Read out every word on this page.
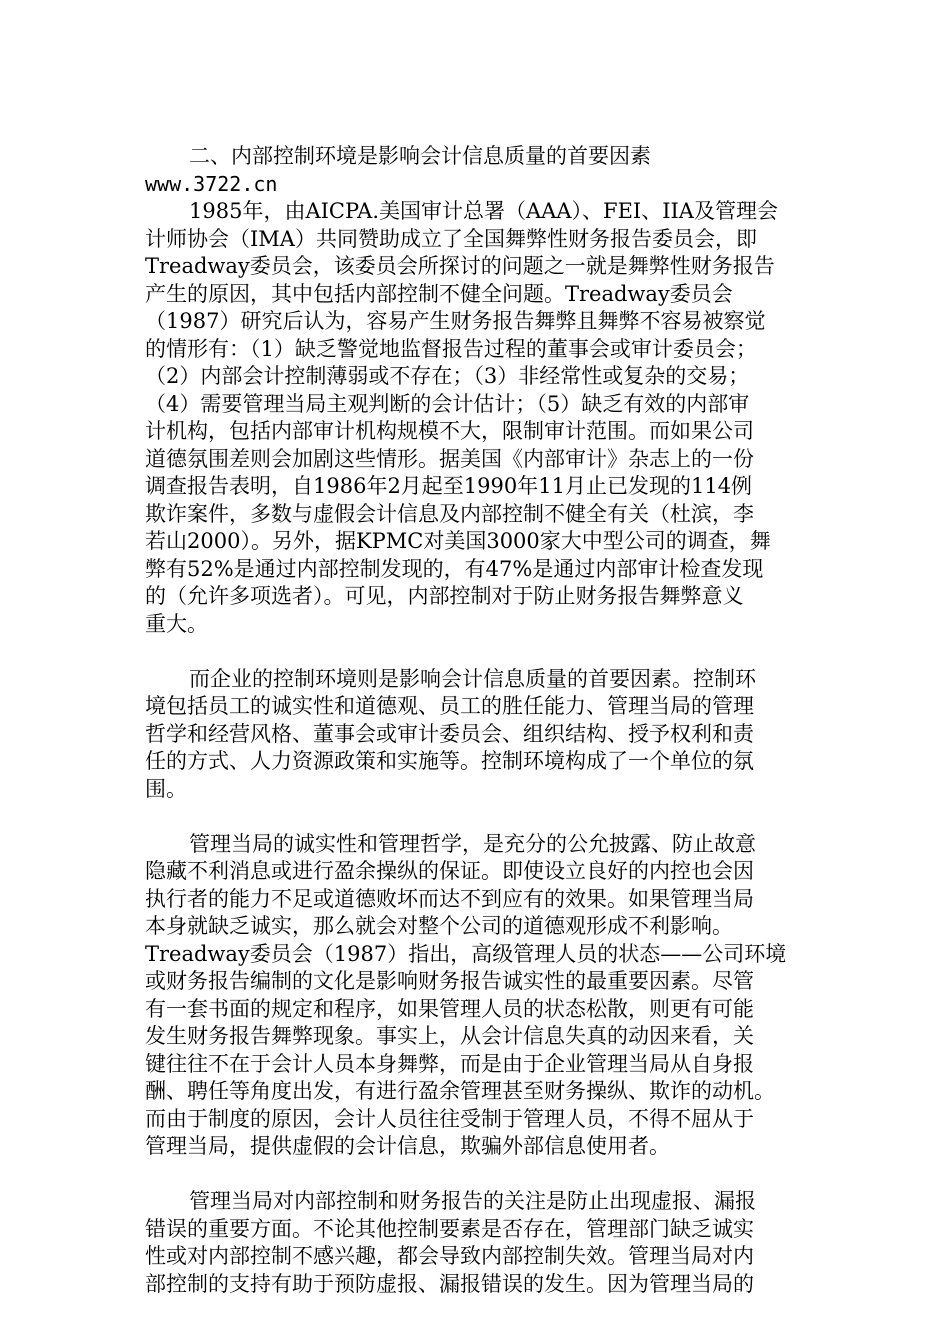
二、内部控制环境是影响会计信息质量的首要因素
www.3722.cn
1985年，由AICPA.美国审计总署（AAA）、FEI、IIA及管理会
计师协会（IMA）共同赞助成立了全国舞弊性财务报告委员会，即
Treadway委员会，该委员会所探讨的问题之一就是舞弊性财务报告
产生的原因，其中包括内部控制不健全问题。Treadway委员会
（1987）研究后认为，容易产生财务报告舞弊且舞弊不容易被察觉
的情形有：（1）缺乏警觉地监督报告过程的董事会或审计委员会；
（2）内部会计控制薄弱或不存在；（3）非经常性或复杂的交易；
（4）需要管理当局主观判断的会计估计；（5）缺乏有效的内部审
计机构，包括内部审计机构规模不大，限制审计范围。而如果公司
道德氛围差则会加剧这些情形。据美国《内部审计》杂志上的一份
调查报告表明，自1986年2月起至1990年11月止已发现的114例
欺诈案件，多数与虚假会计信息及内部控制不健全有关（杜滨，李
若山2000）。另外，据KPMC对美国3000家大中型公司的调查，舞
弊有52%是通过内部控制发现的，有47%是通过内部审计检查发现
的（允许多项选者）。可见，内部控制对于防止财务报告舞弊意义
重大。
而企业的控制环境则是影响会计信息质量的首要因素。控制环
境包括员工的诚实性和道德观、员工的胜任能力、管理当局的管理
哲学和经营风格、董事会或审计委员会、组织结构、授予权利和责
任的方式、人力资源政策和实施等。控制环境构成了一个单位的氛
围。
管理当局的诚实性和管理哲学，是充分的公允披露、防止故意
隐藏不利消息或进行盈余操纵的保证。即使设立良好的内控也会因
执行者的能力不足或道德败坏而达不到应有的效果。如果管理当局
本身就缺乏诚实，那么就会对整个公司的道德观形成不利影响。
Treadway委员会（1987）指出，高级管理人员的状态——公司环境
或财务报告编制的文化是影响财务报告诚实性的最重要因素。尽管
有一套书面的规定和程序，如果管理人员的状态松散，则更有可能
发生财务报告舞弊现象。事实上，从会计信息失真的动因来看，关
键往往不在于会计人员本身舞弊，而是由于企业管理当局从自身报
酬、聘任等角度出发，有进行盈余管理甚至财务操纵、欺诈的动机。
而由于制度的原因，会计人员往往受制于管理人员，不得不屈从于
管理当局，提供虚假的会计信息，欺骗外部信息使用者。
管理当局对内部控制和财务报告的关注是防止出现虚报、漏报
错误的重要方面。不论其他控制要素是否存在，管理部门缺乏诚实
性或对内部控制不感兴趣，都会导致内部控制失效。管理当局对内
部控制的支持有助于预防虚报、漏报错误的发生。因为管理当局的
